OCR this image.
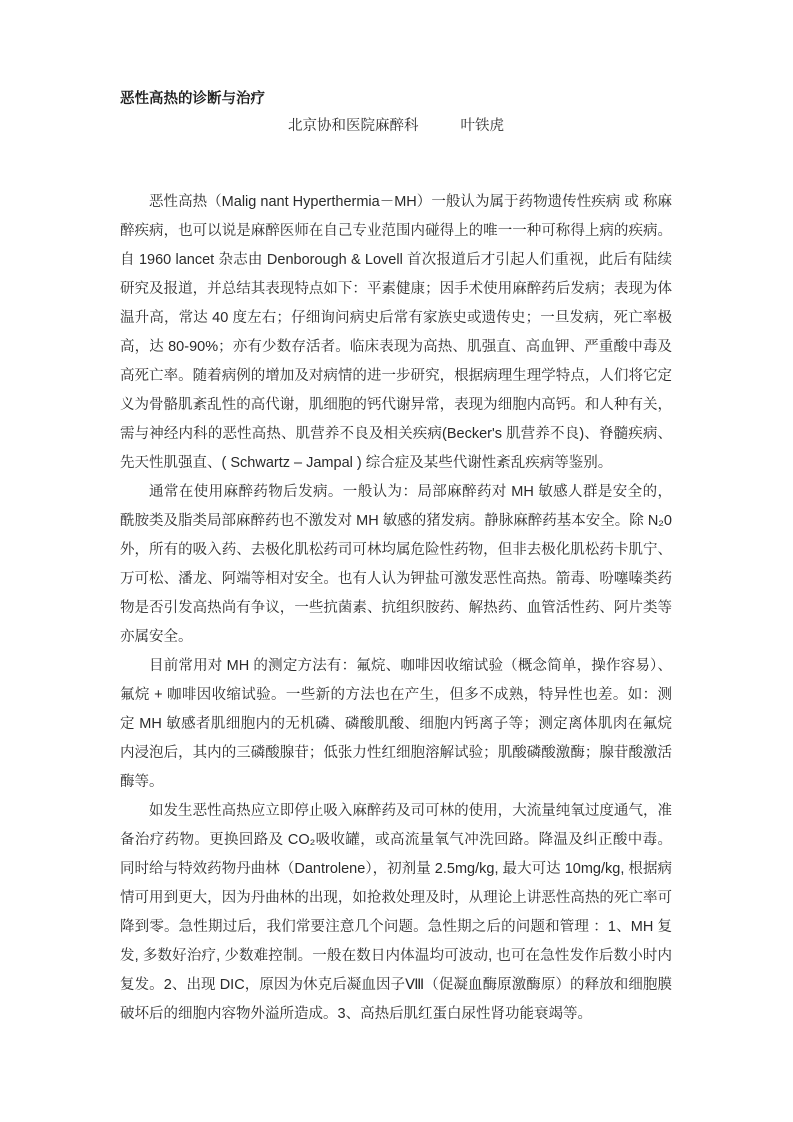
恶性高热的诊断与治疗
北京协和医院麻醉科	叶铁虎

恶性高热（Malig nant Hyperthermia－MH）一般认为属于药物遗传性疾病 或 称麻醉疾病，也可以说是麻醉医师在自己专业范围内碰得上的唯一一种可称得上病的疾病。自 1960 lancet 杂志由 Denborough & Lovell 首次报道后才引起人们重视，此后有陆续研究及报道，并总结其表现特点如下：平素健康；因手术使用麻醉药后发病；表现为体温升高，常达 40 度左右；仔细询问病史后常有家族史或遗传史；一旦发病，死亡率极高，达 80-90%；亦有少数存活者。临床表现为高热、肌强直、高血钾、严重酸中毒及高死亡率。随着病例的增加及对病情的进一步研究，根据病理生理学特点，人们将它定义为骨骼肌紊乱性的高代谢，肌细胞的钙代谢异常，表现为细胞内高钙。和人种有关，需与神经内科的恶性高热、肌营养不良及相关疾病(Becker's 肌营养不良)、脊髓疾病、先天性肌强直、( Schwartz – Jampal ) 综合症及某些代谢性紊乱疾病等鉴别。

通常在使用麻醉药物后发病。一般认为：局部麻醉药对 MH 敏感人群是安全的，酰胺类及脂类局部麻醉药也不激发对 MH 敏感的猪发病。静脉麻醉药基本安全。除 N₂0 外，所有的吸入药、去极化肌松药司可林均属危险性药物，但非去极化肌松药卡肌宁、万可松、潘龙、阿端等相对安全。也有人认为钾盐可激发恶性高热。箭毒、吩噻嗪类药物是否引发高热尚有争议，一些抗菌素、抗组织胺药、解热药、血管活性药、阿片类等亦属安全。

目前常用对 MH 的测定方法有：氟烷、咖啡因收缩试验（概念简单，操作容易）、氟烷 + 咖啡因收缩试验。一些新的方法也在产生，但多不成熟，特异性也差。如：测定 MH 敏感者肌细胞内的无机磷、磷酸肌酸、细胞内钙离子等；测定离体肌肉在氟烷内浸泡后，其内的三磷酸腺苷；低张力性红细胞溶解试验；肌酸磷酸激酶；腺苷酸激活酶等。

如发生恶性高热应立即停止吸入麻醉药及司可林的使用，大流量纯氧过度通气，准备治疗药物。更换回路及 CO₂吸收罐，或高流量氧气冲洗回路。降温及纠正酸中毒。同时给与特效药物丹曲林（Dantrolene），初剂量 2.5mg/kg, 最大可达 10mg/kg, 根据病情可用到更大，因为丹曲林的出现，如抢救处理及时，从理论上讲恶性高热的死亡率可降到零。急性期过后，我们常要注意几个问题。急性期之后的问题和管理 ：1、MH 复发, 多数好治疗, 少数难控制。一般在数日内体温均可波动, 也可在急性发作后数小时内复发。2、出现 DIC，原因为休克后凝血因子Ⅷ（促凝血酶原激酶原）的释放和细胞膜破坏后的细胞内容物外溢所造成。3、高热后肌红蛋白尿性肾功能衰竭等。
